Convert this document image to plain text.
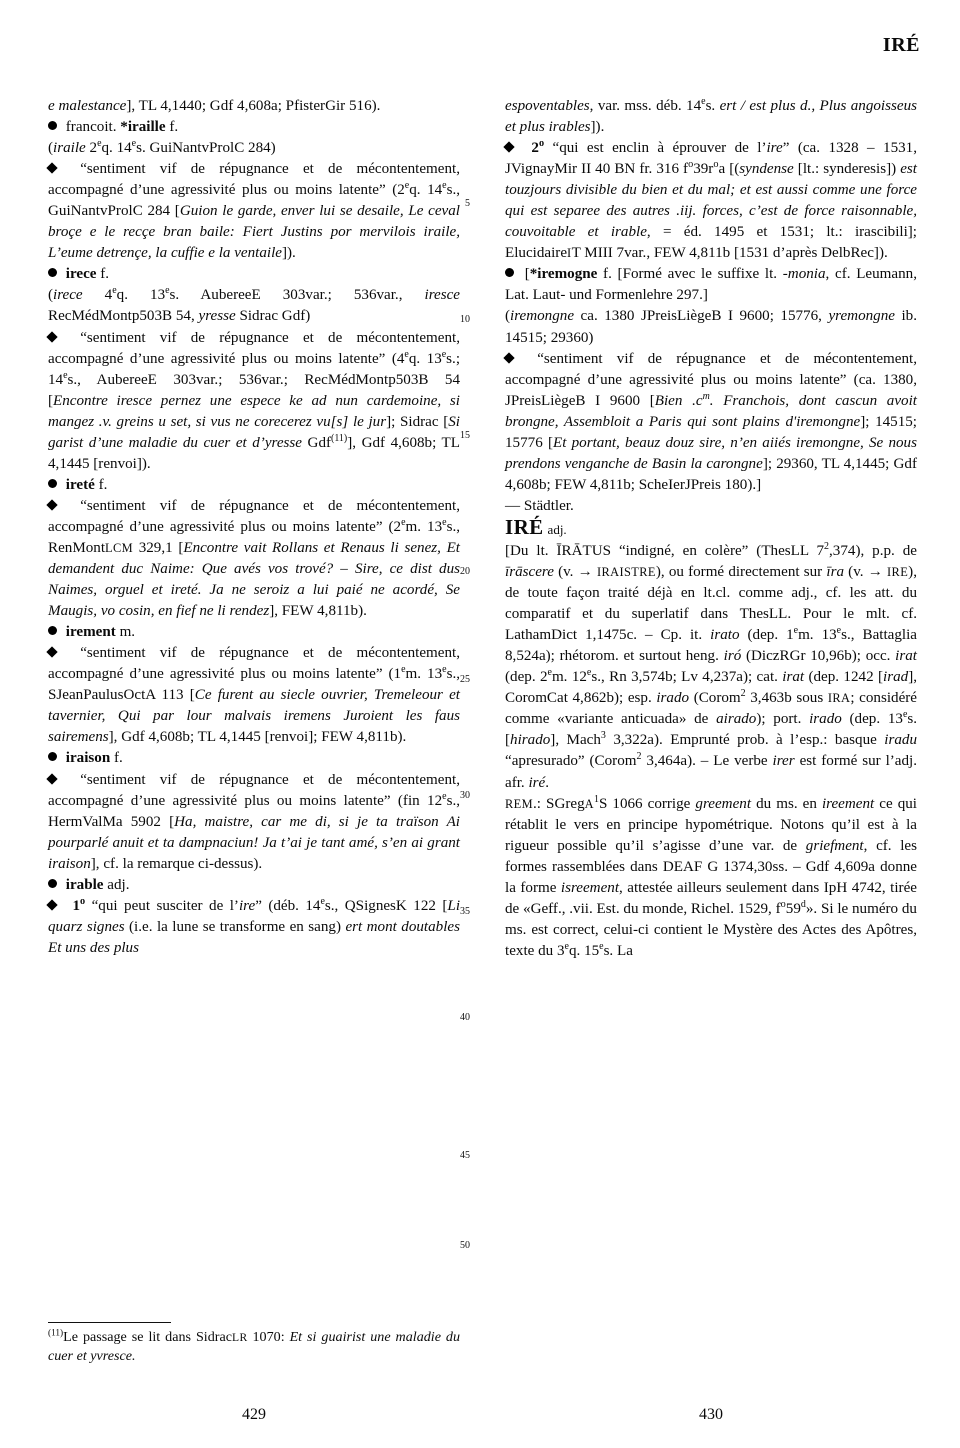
IRÉ

e malestance], TL 4,1440; Gdf 4,608a; PfisterGir 516).

francoit. *iraille f.

(iraile 2eq. 14es. GuiNantvProlC 284)

“sentiment vif de répugnance et de mécontentement, accompagné d’une agressivité plus ou moins latente” (2eq. 14es., GuiNantvProlC 284 [Guion le garde, enver lui se desaile, Le ceval broçe e le recçe bran baile: Fiert Justins por mervilois iraile, L’eume detrençe, la cuffie e la ventaile]).

irece f.

(irece 4eq. 13es. AubereeE 303var.; 536var., iresce RecMédMontp503B 54, yresse Sidrac Gdf)

“sentiment vif de répugnance et de mécontentement, accompagné d’une agressivité plus ou moins latente” (4eq. 13es.; 14es., AubereeE 303var.; 536var.; RecMédMontp503B 54 [Encontre iresce pernez une espece ke ad nun cardemoine, si mangez .v. greins u set, si vus ne corecerez vu[s] le jur]; Sidrac [Si garist d’une maladie du cuer et d’yresse Gdf$^{(11)}$], Gdf 4,608b; TL 4,1445 [renvoi]).

ireté f.

“sentiment vif de répugnance et de mécontentement, accompagné d’une agressivité plus ou moins latente” (2em. 13es., RenMontLCM 329,1 [Encontre vait Rollans et Renaus li senez, Et demandent duc Naime: Que avés vos trové? – Sire, ce dist dus Naimes, orguel et ireté. Ja ne seroiz a lui paié ne acordé, Se Maugis, vo cosin, en fief ne li rendez], FEW 4,811b).

irement m.

“sentiment vif de répugnance et de mécontentement, accompagné d’une agressivité plus ou moins latente” (1em. 13es., SJeanPaulusOctA 113 [Ce furent au siecle ouvrier, Tremeleour et tavernier, Qui par lour malvais iremens Juroient les faus sairemens], Gdf 4,608b; TL 4,1445 [renvoi]; FEW 4,811b).

iraison f.

“sentiment vif de répugnance et de mécontentement, accompagné d’une agressivité plus ou moins latente” (fin 12es., HermValMa 5902 [Ha, maistre, car me di, si je ta traïson Ai pourparlé anuit et ta dampnaciun! Ja t’ai je tant amé, s’en ai grant iraison], cf. la remarque ci-dessus).

irable adj.

1$^o$ “qui peut susciter de l’ire” (déb. 14es., QSignesK 122 [Li quarz signes (i.e. la lune se transforme en sang) ert mont doutables Et uns des plus

espoventables, var. mss. déb. 14es. ert / est plus d., Plus angoisseus et plus irables]).

2$^o$ “qui est enclin à éprouver de l’ire” (ca. 1328 – 1531, JVignayMir II 40 BN fr. 316 $f^o39r^oa$ [(syndense [lt.: synderesis]) est touzjours divisible du bien et du mal; et est aussi comme une force qui est separee des autres .iij. forces, c’est de force raisonnable, couvoitable et irable, = éd. 1495 et 1531; lt.: irascibili]; ElucidaireIT MIII 7var., FEW 4,811b [1531 d’après DelbRec]).

[*iremogne f. [Formé avec le suffixe lt. -monia, cf. Leumann, Lat. Laut- und Formenlehre 297.]

(iremongne ca. 1380 JPreisLiègeB I 9600; 15776, yremongne ib. 14515; 29360)

“sentiment vif de répugnance et de mécontentement, accompagné d’une agressivité plus ou moins latente” (ca. 1380, JPreisLiègeB I 9600 [Bien $.c^m$. Franchois, dont cascun avoit brongne, Assembloit a Paris qui sont plains d'iremongne]; 14515; 15776 [Et portant, beauz douz sire, n’en aiiés iremongne, Se nous prendons venganche de Basin la carongne]; 29360, TL 4,1445; Gdf 4,608b; FEW 4,811b; ScheIerJPreis 180).]

— Städtler.

IRÉ adj.

[Du lt. ĪRĀTUS “indigné, en colère” (ThesLL $7^2,374$), p.p. de īrāscere (v. → IRAISTRE), ou formé directement sur īra (v. → IRE), de toute façon traité déjà en lt.cl. comme adj., cf. les att. du comparatif et du superlatif dans ThesLL. Pour le mlt. cf. LathamDict 1,1475c. – Cp. it. irato (dep. 1em. 13es., Battaglia 8,524a); rhétorom. et surtout heng. iró (DiczRGr 10,96b); occ. irat (dep. 2em. 12es., Rn 3,574b; Lv 4,237a); cat. irat (dep. 1242 [irad], CoromCat 4,862b); esp. irado (Corom$^2$ 3,463b sous IRA; considéré comme «variante anticuada» de airado); port. irado (dep. 13es. [hirado], Mach$^3$ 3,322a). Emprunté prob. à l’esp.: basque iradu “apresurado” (Corom$^2$ 3,464a). – Le verbe irer est formé sur l’adj. afr. iré.

REM.: SGregA$^1$S 1066 corrige greement du ms. en ireement ce qui rétablit le vers en principe hypométrique. Notons qu’il est à la rigueur possible qu’il s’agisse d’une var. de griefment, cf. les formes rassemblées dans DEAF G 1374,30ss. – Gdf 4,609a donne la forme isreement, attestée ailleurs seulement dans IpH 4742, tirée de «Geff., .vii. Est. du monde, Richel. 1529, $f^o59^d$». Si le numéro du ms. est correct, celui-ci contient le Mystère des Actes des Apôtres, texte du 3eq. 15es. La

$^{(11)}$Le passage se lit dans SidracLR 1070: Et si guairist une maladie du cuer et yvresce.

5
10
15
20
25
30
35
40
45
50
429	430
